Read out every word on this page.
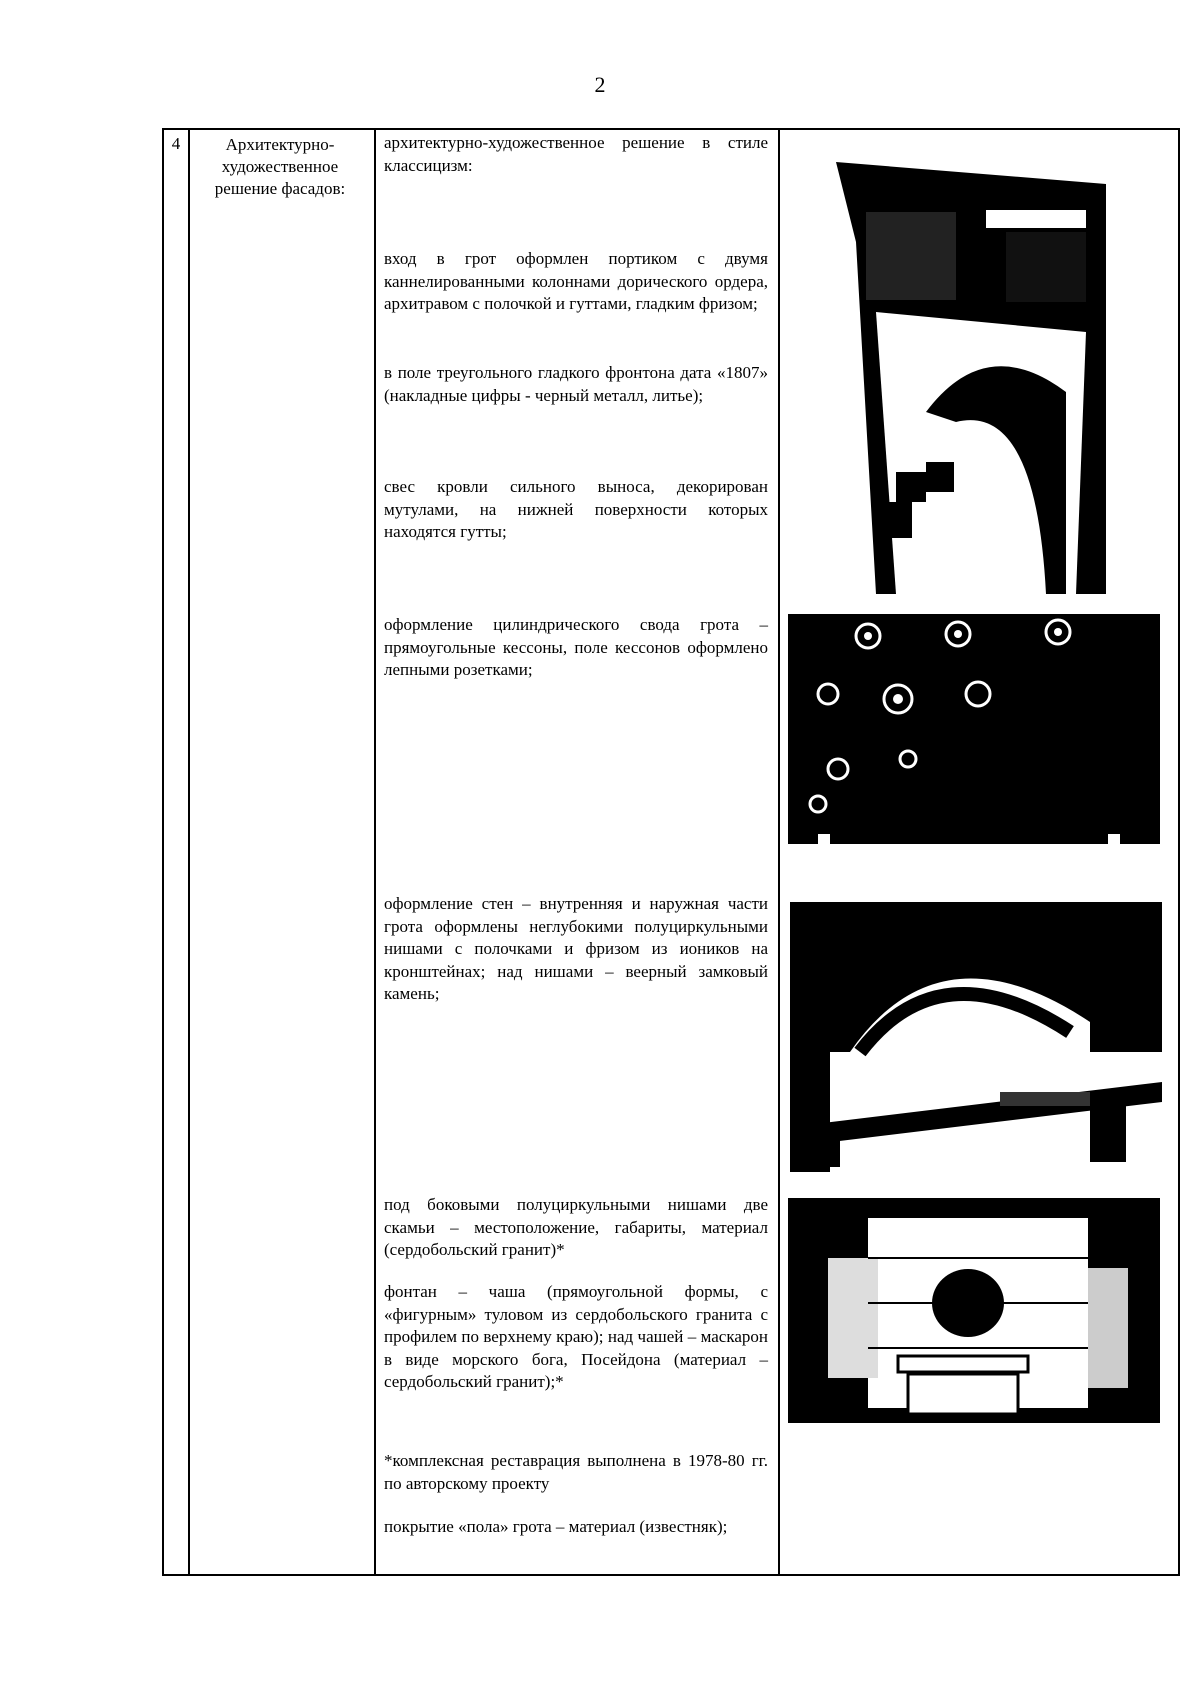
2
4	Архитектурно-художественное решение фасадов:
архитектурно-художественное решение в стиле классицизм:
вход в грот оформлен портиком с двумя каннелированными колоннами дорического ордера, архитравом с полочкой и гуттами, гладким фризом;
в поле треугольного гладкого фронтона дата «1807» (накладные цифры - черный металл, литье);
свес кровли сильного выноса, декорирован мутулами, на нижней поверхности которых находятся гутты;
оформление цилиндрического свода грота – прямоугольные кессоны, поле кессонов оформлено лепными розетками;
оформление стен – внутренняя и наружная части грота оформлены неглубокими полуциркульными нишами с полочками и фризом из иоников на кронштейнах; над нишами – веерный замковый камень;
под боковыми полуциркульными нишами две скамьи – местоположение, габариты, материал (сердобольский гранит)*
фонтан – чаша (прямоугольной формы, с «фигурным» туловом из сердобольского гранита с профилем по верхнему краю); над чашей – маскарон в виде морского бога, Посейдона (материал – сердобольский гранит);*
*комплексная реставрация выполнена в 1978-80 гг. по авторскому проекту
покрытие «пола» грота – материал (известняк);
